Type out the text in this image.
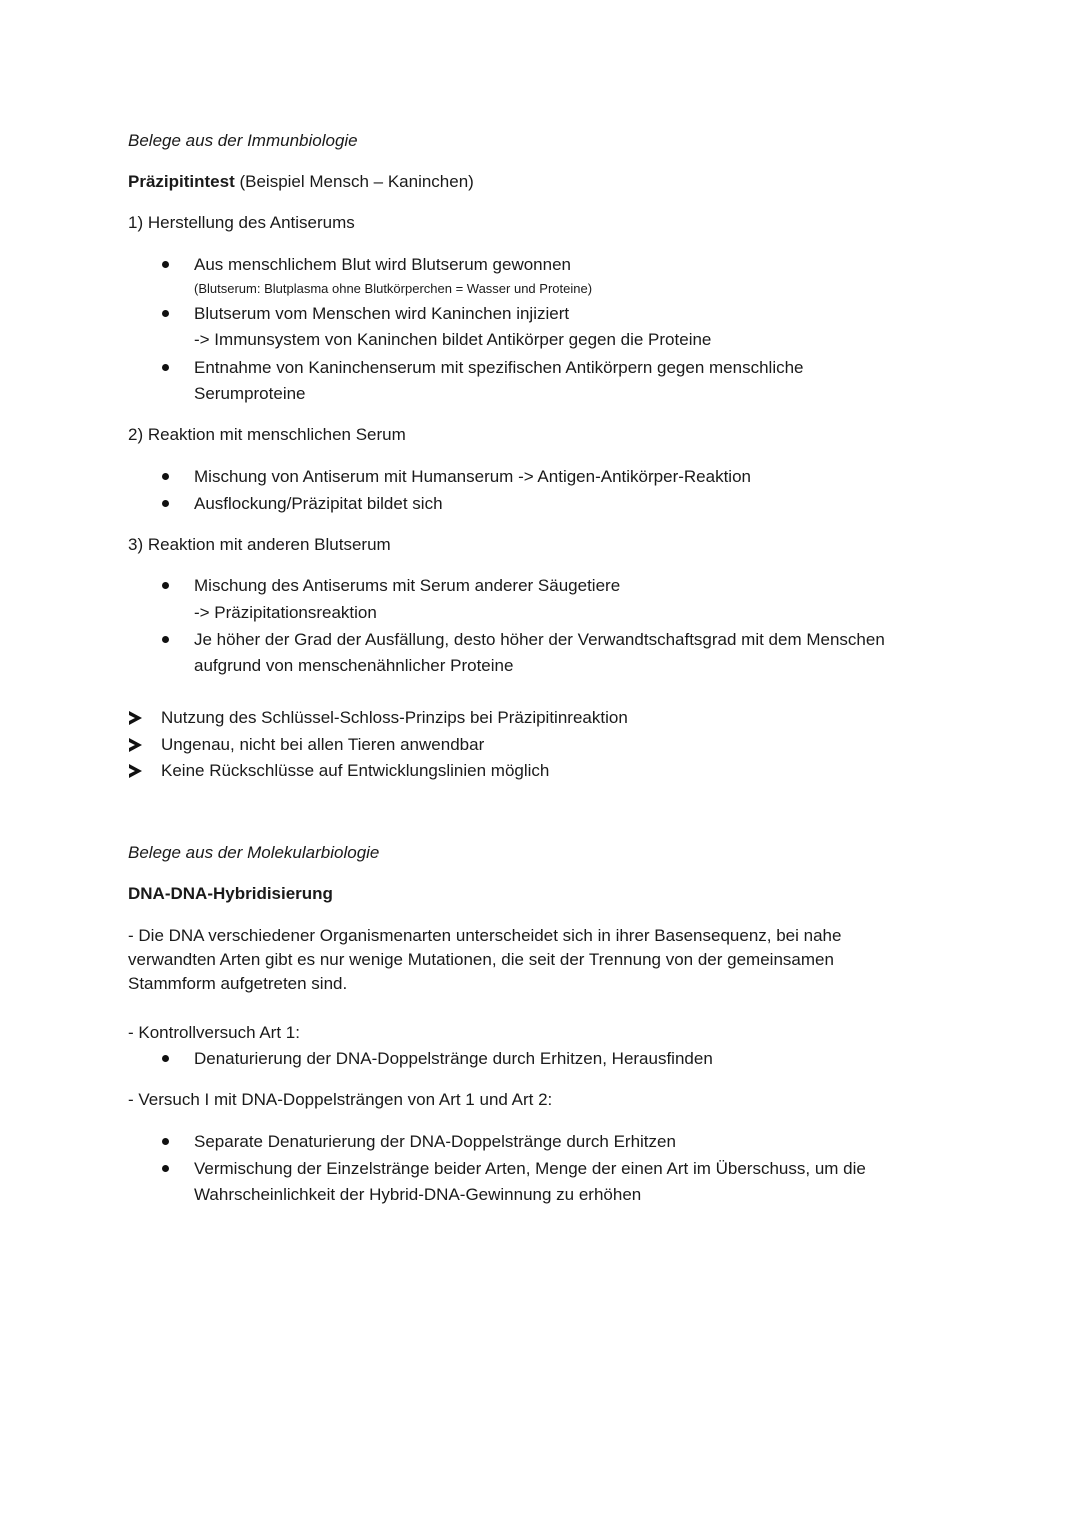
Belege aus der Immunbiologie
Präzipitintest (Beispiel Mensch – Kaninchen)
1) Herstellung des Antiserums
Aus menschlichem Blut wird Blutserum gewonnen
(Blutserum: Blutplasma ohne Blutkörperchen = Wasser und Proteine)
Blutserum vom Menschen wird Kaninchen injiziert
-> Immunsystem von Kaninchen bildet Antikörper gegen die Proteine
Entnahme von Kaninchenserum mit spezifischen Antikörpern gegen menschliche
Serumproteine
2) Reaktion mit menschlichen Serum
Mischung von Antiserum mit Humanserum -> Antigen-Antikörper-Reaktion
Ausflockung/Präzipitat bildet sich
3) Reaktion mit anderen Blutserum
Mischung des Antiserums mit Serum anderer Säugetiere
-> Präzipitationsreaktion
Je höher der Grad der Ausfällung, desto höher der Verwandtschaftsgrad mit dem Menschen
aufgrund von menschenähnlicher Proteine
Nutzung des Schlüssel-Schloss-Prinzips bei Präzipitinreaktion
Ungenau, nicht bei allen Tieren anwendbar
Keine Rückschlüsse auf Entwicklungslinien möglich
Belege aus der Molekularbiologie
DNA-DNA-Hybridisierung
- Die DNA verschiedener Organismenarten unterscheidet sich in ihrer Basensequenz, bei nahe
verwandten Arten gibt es nur wenige Mutationen, die seit der Trennung von der gemeinsamen
Stammform aufgetreten sind.
- Kontrollversuch Art 1:
Denaturierung der DNA-Doppelstränge durch Erhitzen, Herausfinden
- Versuch I mit DNA-Doppelsträngen von Art 1 und Art 2:
Separate Denaturierung der DNA-Doppelstränge durch Erhitzen
Vermischung der Einzelstränge beider Arten, Menge der einen Art im Überschuss, um die
Wahrscheinlichkeit der Hybrid-DNA-Gewinnung zu erhöhen
